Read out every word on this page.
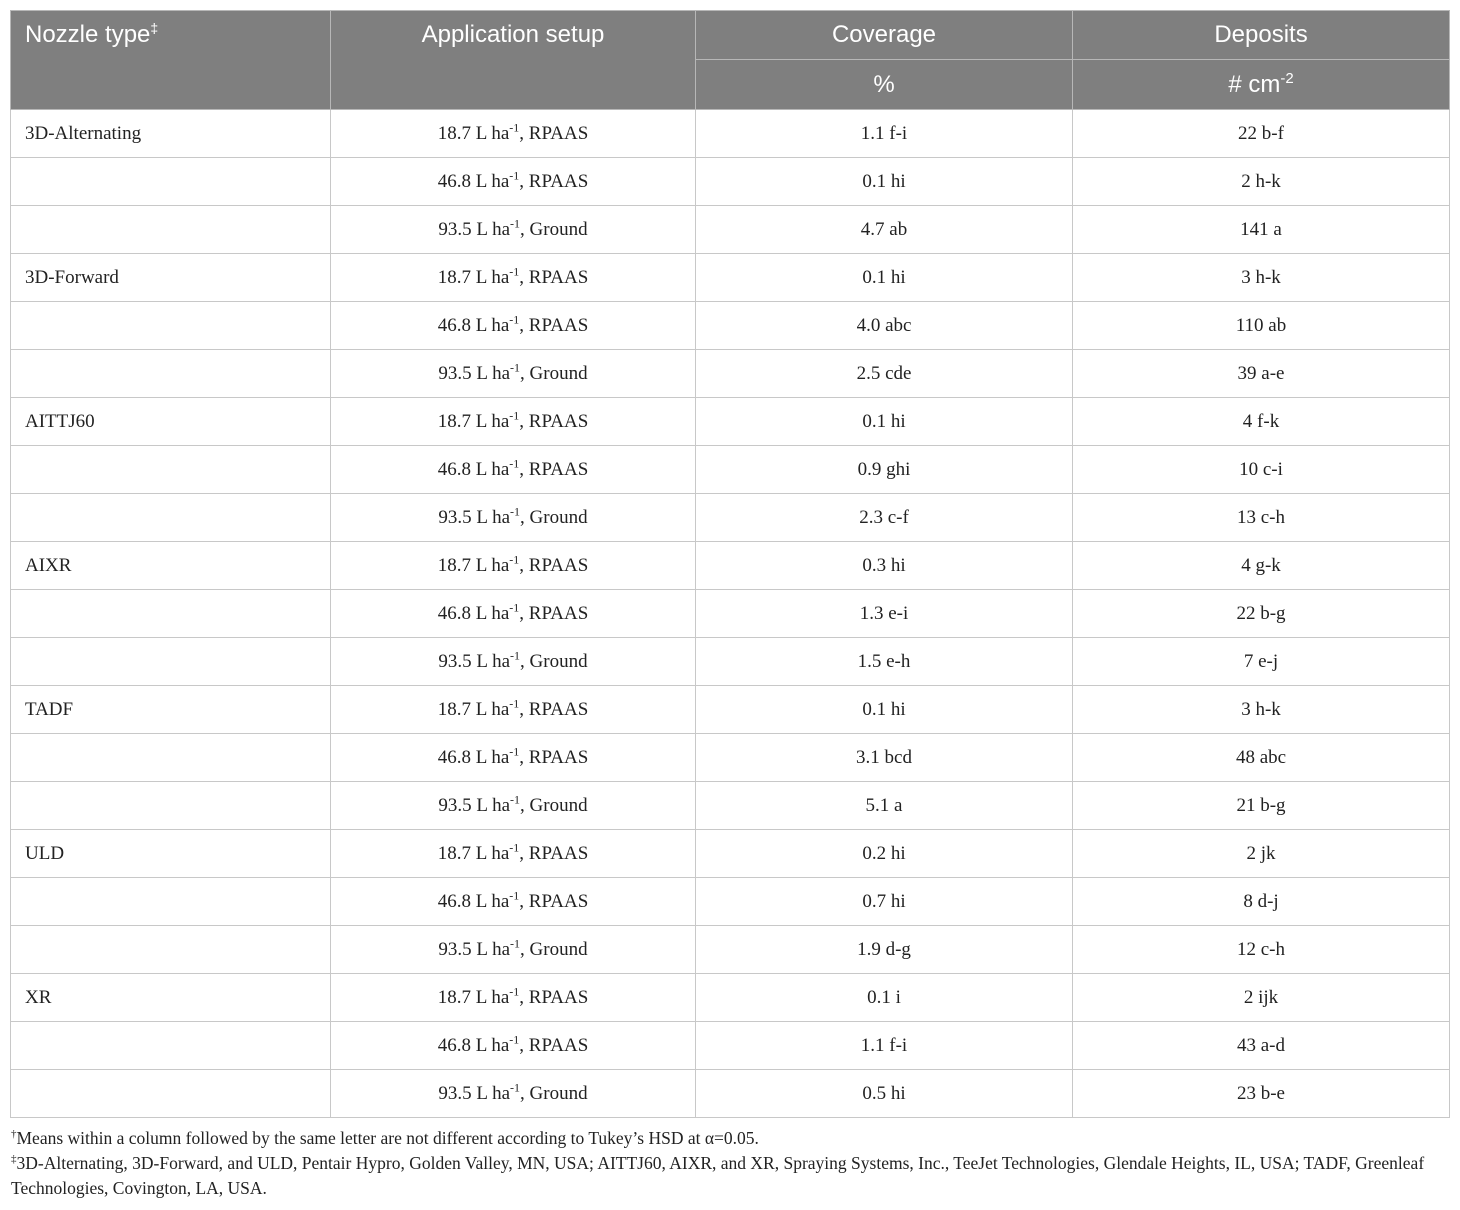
Nozzle type‡	Application setup	Coverage	Deposits
		%	# $cm^{-2}$
3D-Alternating	18.7 L $ha^{-1}$, RPAAS	1.1 f-i	22 b-f
	46.8 L $ha^{-1}$, RPAAS	0.1 hi	2 h-k
	93.5 L $ha^{-1}$, Ground	4.7 ab	141 a
3D-Forward	18.7 L $ha^{-1}$, RPAAS	0.1 hi	3 h-k
	46.8 L $ha^{-1}$, RPAAS	4.0 abc	110 ab
	93.5 L $ha^{-1}$, Ground	2.5 cde	39 a-e
AITTJ60	18.7 L $ha^{-1}$, RPAAS	0.1 hi	4 f-k
	46.8 L $ha^{-1}$, RPAAS	0.9 ghi	10 c-i
	93.5 L $ha^{-1}$, Ground	2.3 c-f	13 c-h
AIXR	18.7 L $ha^{-1}$, RPAAS	0.3 hi	4 g-k
	46.8 L $ha^{-1}$, RPAAS	1.3 e-i	22 b-g
	93.5 L $ha^{-1}$, Ground	1.5 e-h	7 e-j
TADF	18.7 L $ha^{-1}$, RPAAS	0.1 hi	3 h-k
	46.8 L $ha^{-1}$, RPAAS	3.1 bcd	48 abc
	93.5 L $ha^{-1}$, Ground	5.1 a	21 b-g
ULD	18.7 L $ha^{-1}$, RPAAS	0.2 hi	2 jk
	46.8 L $ha^{-1}$, RPAAS	0.7 hi	8 d-j
	93.5 L $ha^{-1}$, Ground	1.9 d-g	12 c-h
XR	18.7 L $ha^{-1}$, RPAAS	0.1 i	2 ijk
	46.8 L $ha^{-1}$, RPAAS	1.1 f-i	43 a-d
	93.5 L $ha^{-1}$, Ground	0.5 hi	23 b-e

†Means within a column followed by the same letter are not different according to Tukey’s HSD at α=0.05.

‡3D-Alternating, 3D-Forward, and ULD, Pentair Hypro, Golden Valley, MN, USA; AITTJ60, AIXR, and XR, Spraying Systems, Inc., TeeJet Technologies, Glendale Heights, IL, USA; TADF, Greenleaf Technologies, Covington, LA, USA.
